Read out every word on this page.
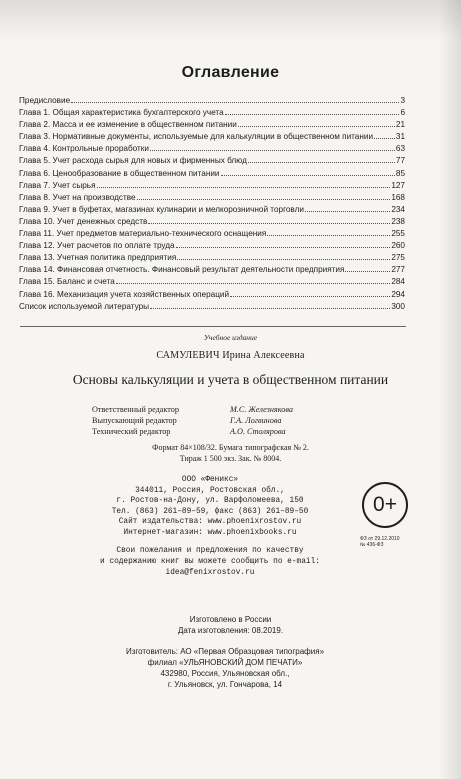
Оглавление
Предисловие	3
Глава 1. Общая характеристика бухгалтерского учета	6
Глава 2. Масса и ее изменение в общественном питании	21
Глава 3. Нормативные документы, используемые для калькуляции в общественном питании	31
Глава 4. Контрольные проработки	63
Глава 5. Учет расхода сырья для новых и фирменных блюд	77
Глава 6. Ценообразование в общественном питании	85
Глава 7. Учет сырья	127
Глава 8. Учет на производстве	168
Глава 9. Учет в буфетах, магазинах кулинарии и мелкорозничной торговли	234
Глава 10. Учет денежных средств	238
Глава 11. Учет предметов материально-технического оснащения	255
Глава 12. Учет расчетов по оплате труда	260
Глава 13. Учетная политика предприятия	275
Глава 14. Финансовая отчетность. Финансовый результат деятельности предприятия	277
Глава 15. Баланс и счета	284
Глава 16. Механизация учета хозяйственных операций	294
Список используемой литературы	300
Учебное издание
САМУЛЕВИЧ Ирина Алексеевна
Основы калькуляции и учета в общественном питании
Ответственный редактор	М.С. Железнякова
Выпускающий редактор	Г.А. Логвинова
Технический редактор	А.О. Столярова
Формат 84×108/32. Бумага типографская № 2.
Тираж 1 500 экз. Зак. № 8004.
ООО «Феникс»
344011, Россия, Ростовская обл.,
г. Ростов-на-Дону, ул. Варфоломеева, 150
Тел. (863) 261–89–59, факс (863) 261–89–50
Сайт издательства: www.phoenixrostov.ru
Интернет-магазин: www.phoenixbooks.ru
Свои пожелания и предложения по качеству
и содержанию книг вы можете сообщить по e-mail:
idea@fenixrostov.ru
0+
ФЗ от 29.12.2010
№ 436-ФЗ
Изготовлено в России
Дата изготовления: 08.2019.
Изготовитель: АО «Первая Образцовая типография»
филиал «УЛЬЯНОВСКИЙ ДОМ ПЕЧАТИ»
432980, Россия, Ульяновская обл.,
г. Ульяновск, ул. Гончарова, 14
